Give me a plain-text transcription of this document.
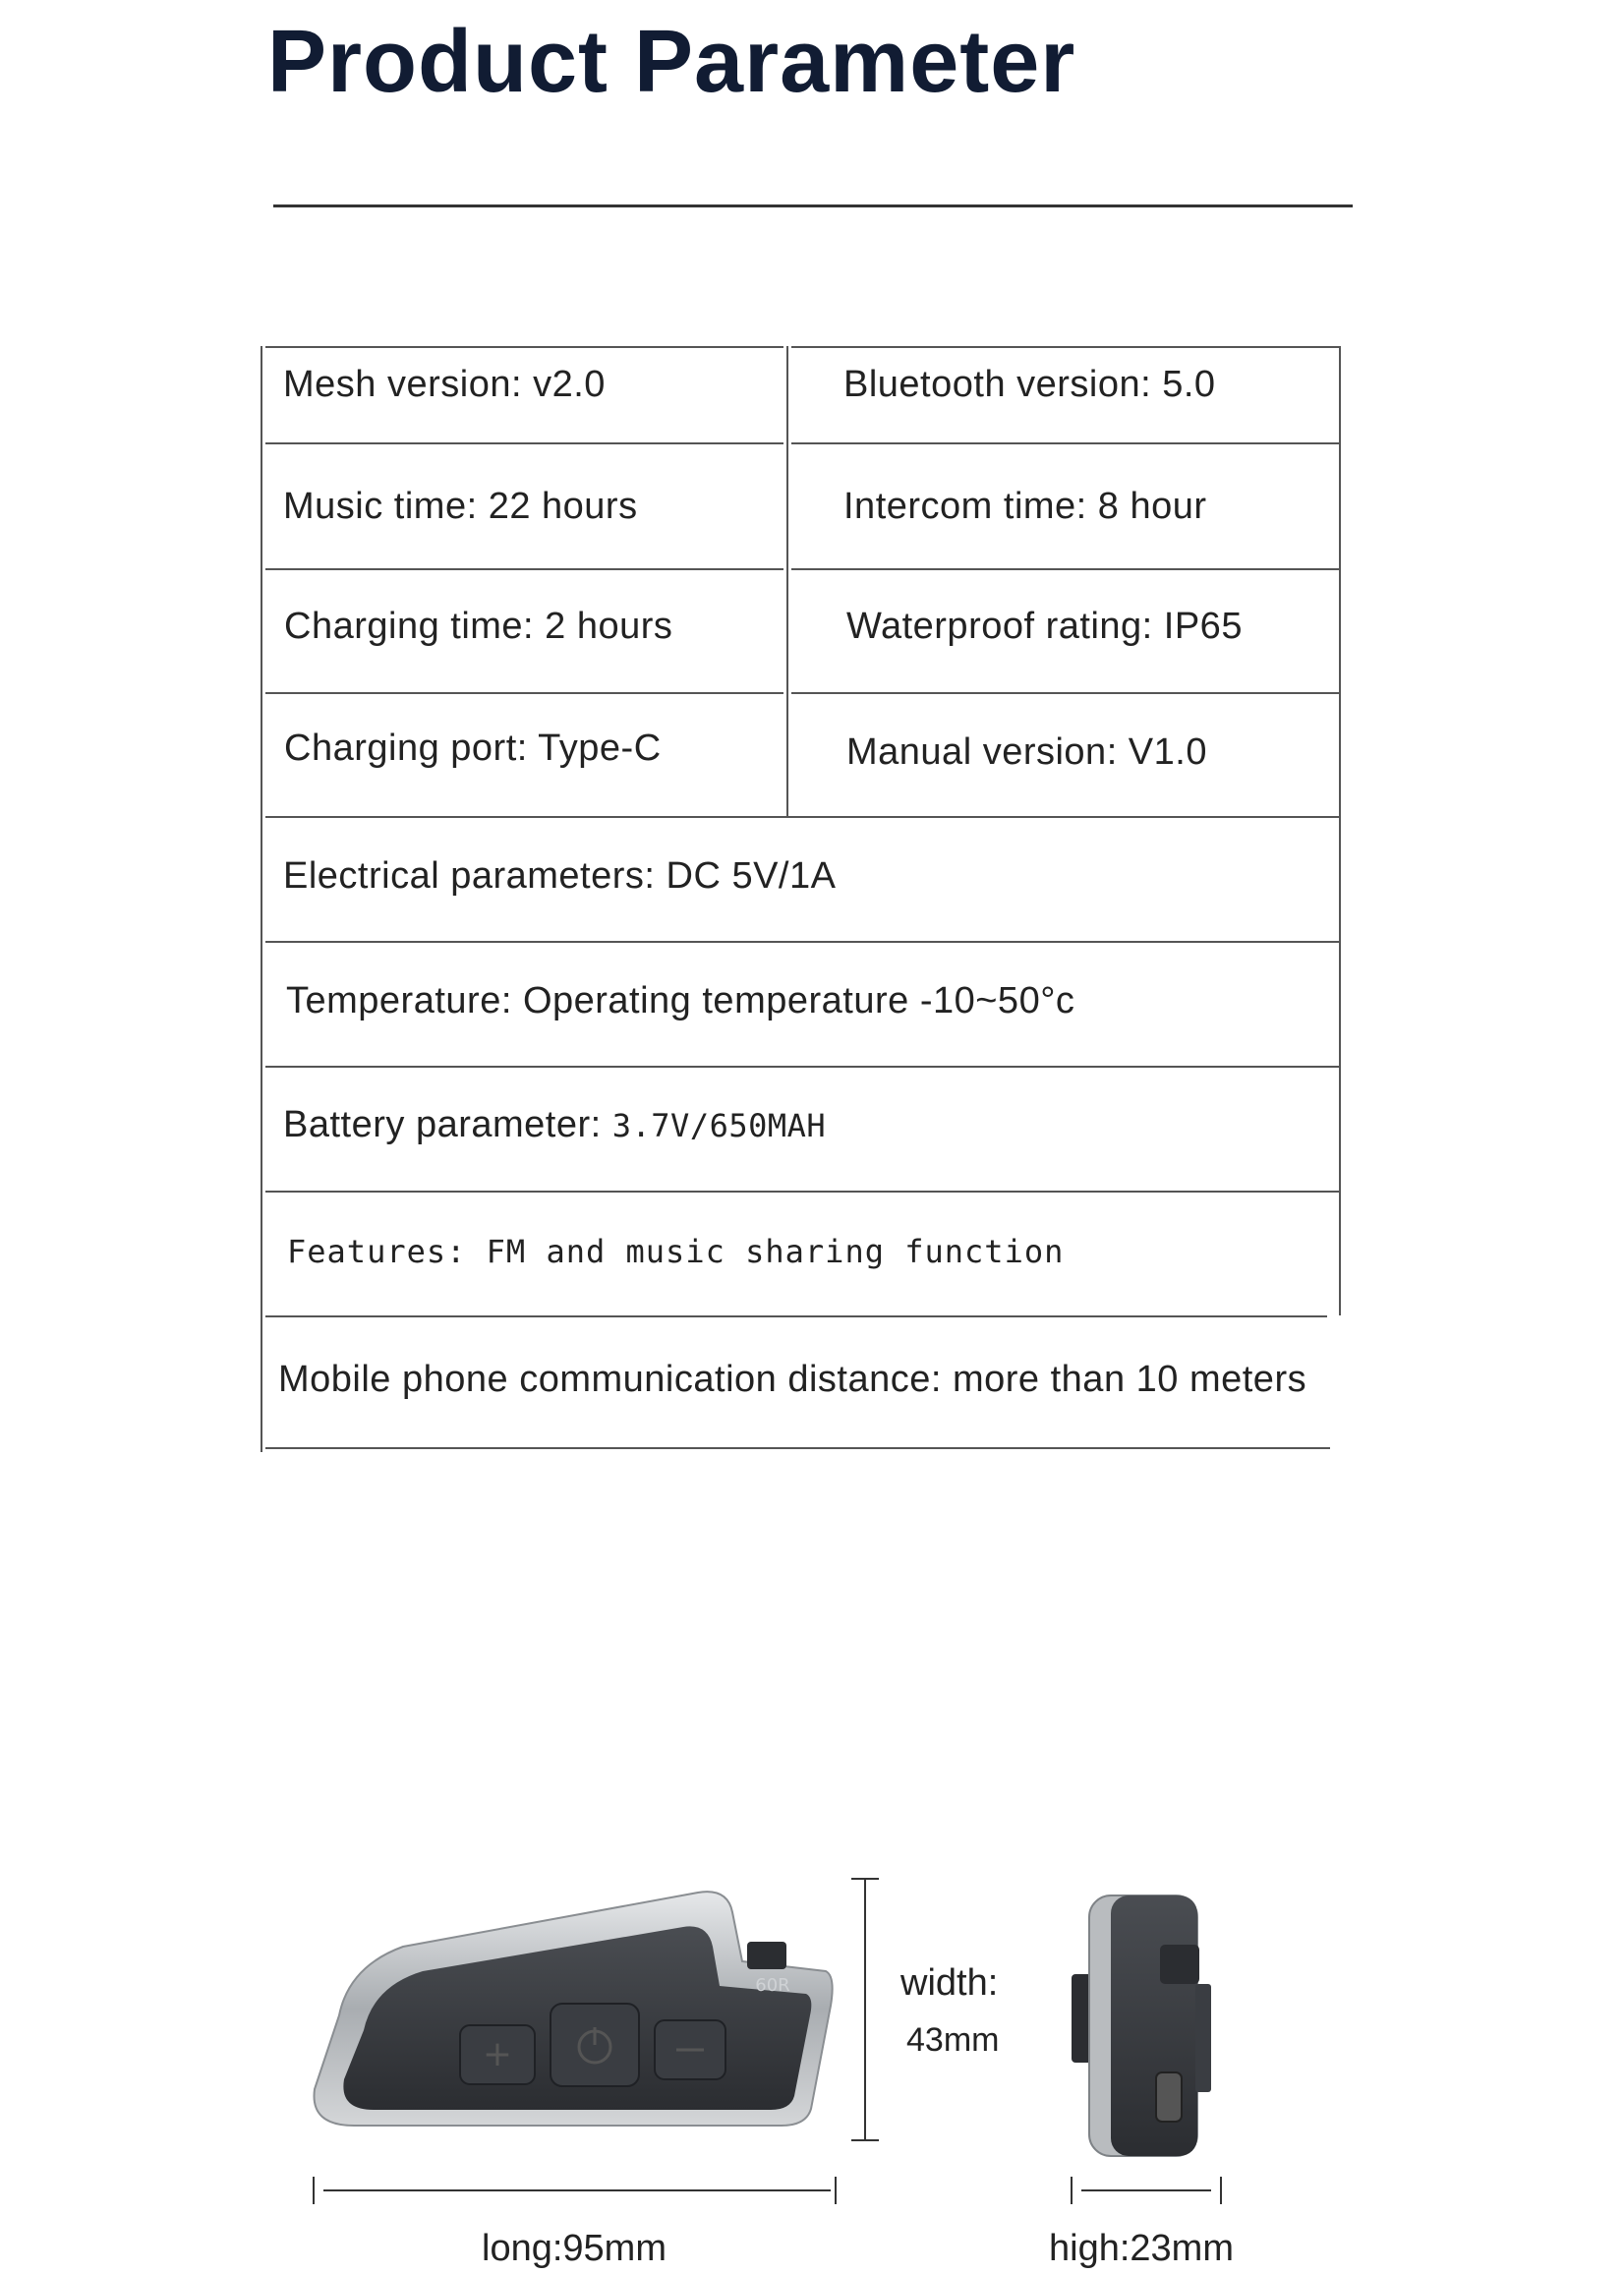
Product Parameter
Mesh version: v2.0	Bluetooth version: 5.0
Music time: 22 hours	Intercom time: 8 hour
Charging time: 2 hours	Waterproof rating: IP65
Charging port: Type-C	Manual version: V1.0
Electrical parameters: DC 5V/1A
Temperature: Operating temperature -10~50°c
Battery parameter: 3.7V/650MAH
Features: FM and music sharing function
Mobile phone communication distance: more than 10 meters
+
60R	width:
43mm
long:95mm	high:23mm
